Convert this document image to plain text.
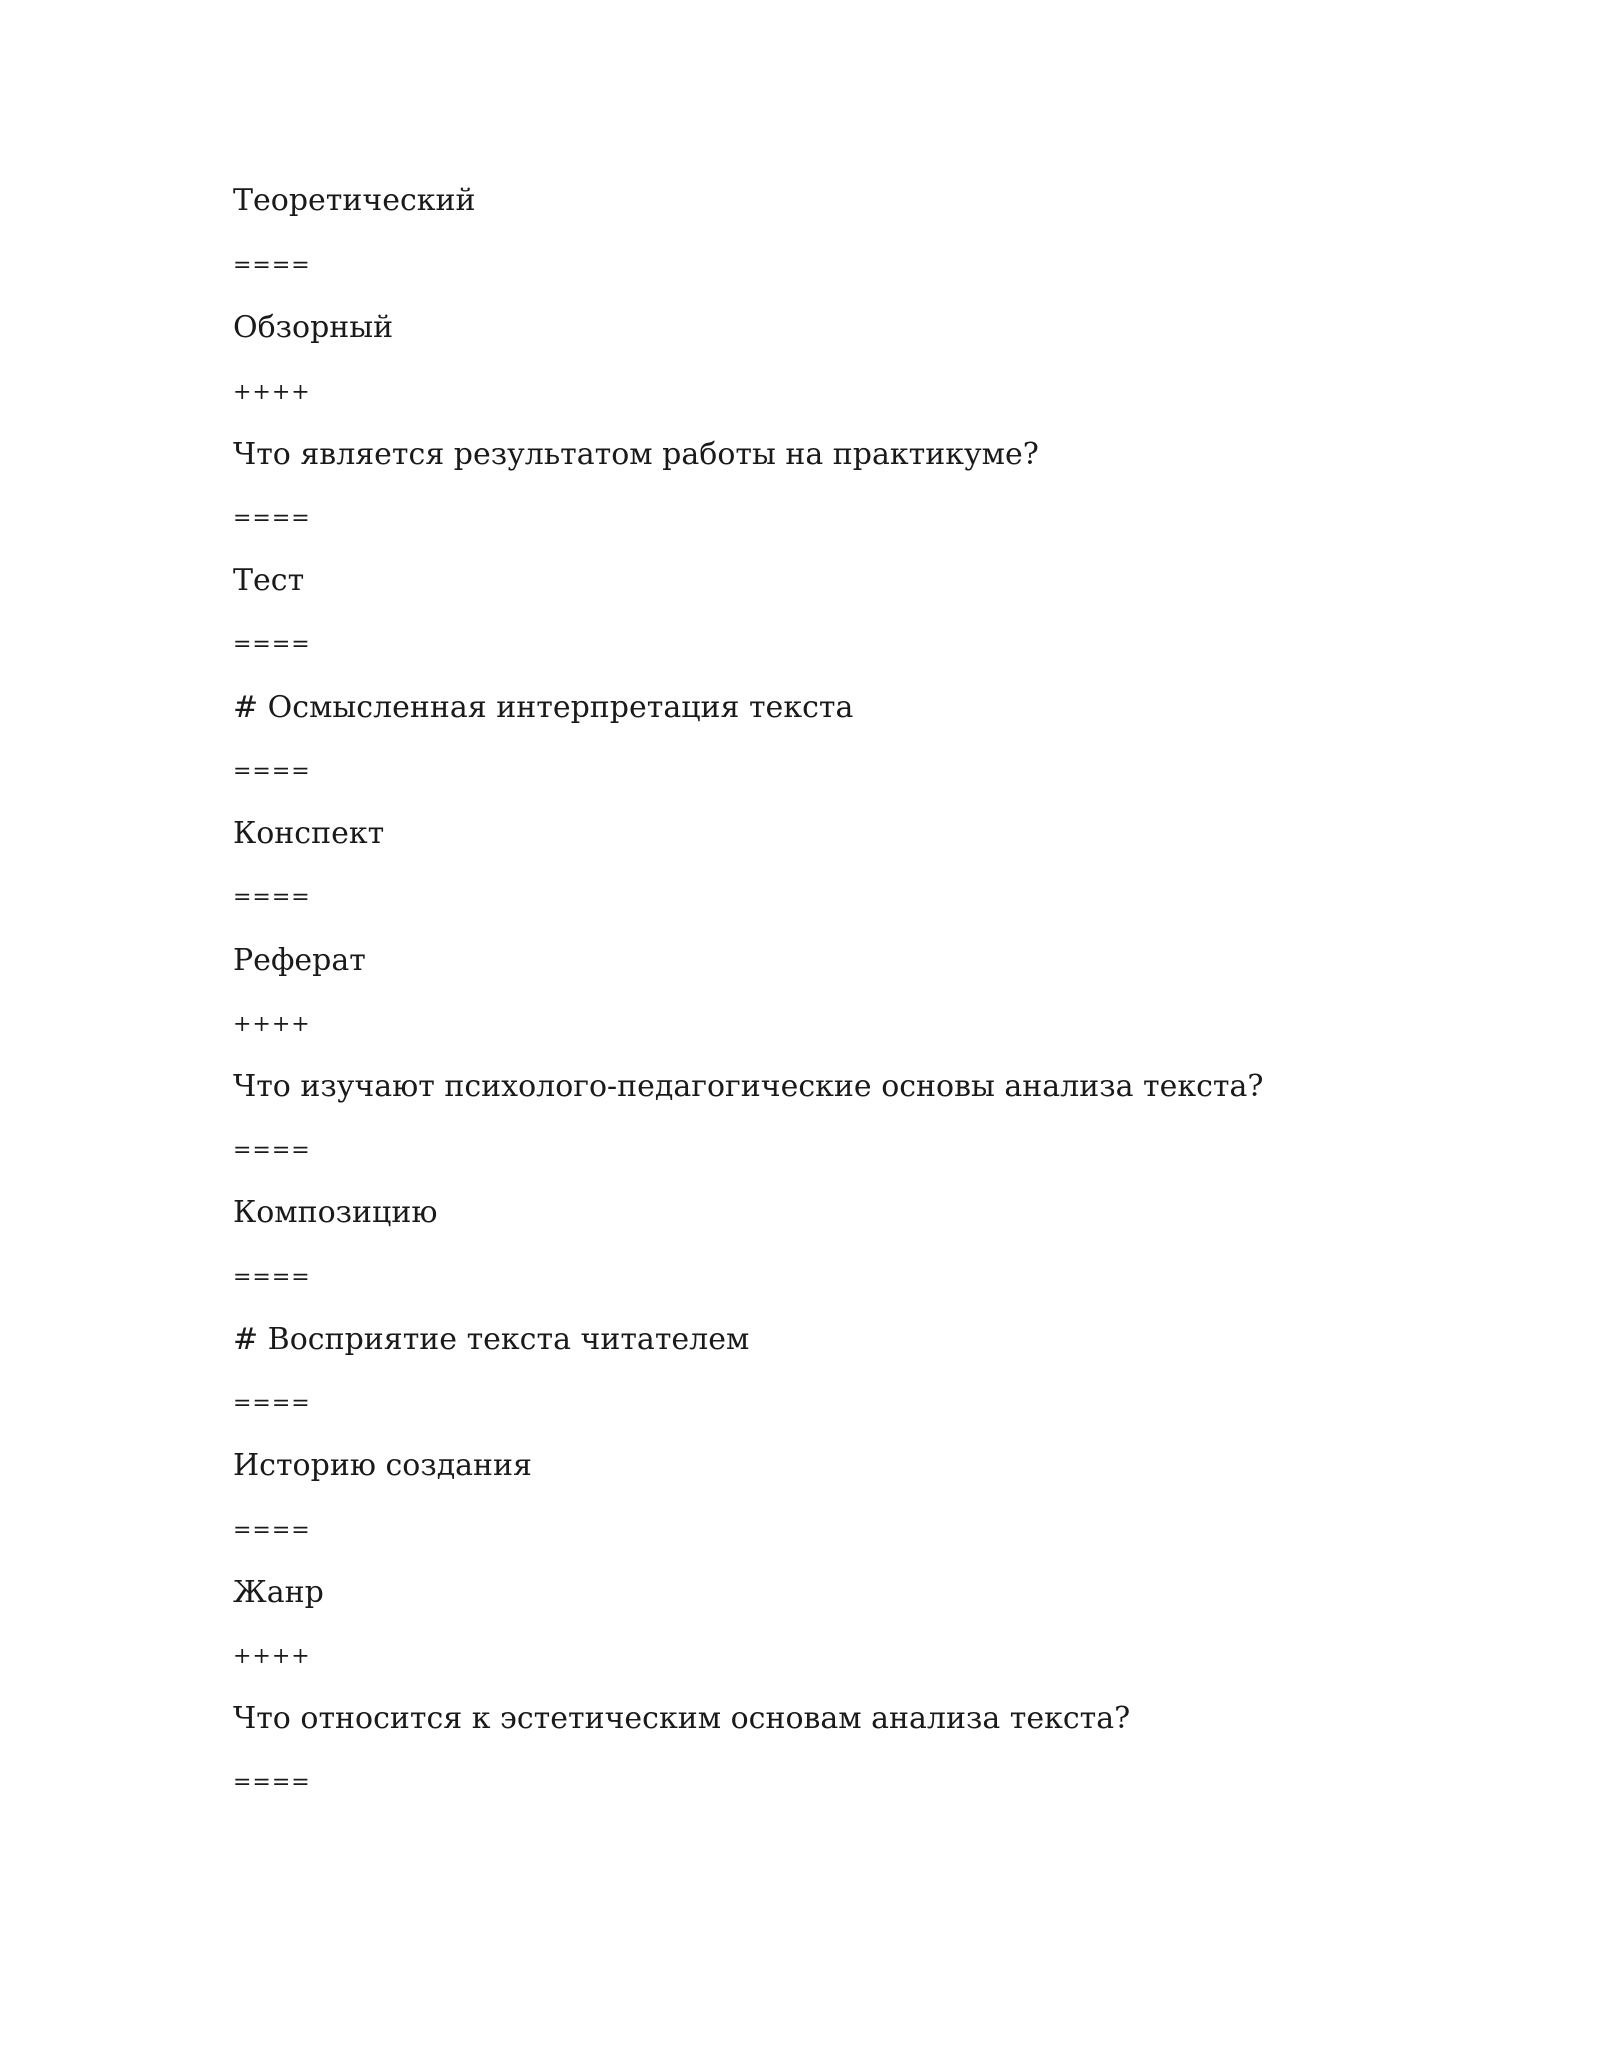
Теоретический

====

Обзорный

++++

Что является результатом работы на практикуме?

====

Тест

====

# Осмысленная интерпретация текста

====

Конспект

====

Реферат

++++

Что изучают психолого-педагогические основы анализа текста?

====

Композицию

====

# Восприятие текста читателем

====

Историю создания

====

Жанр

++++

Что относится к эстетическим основам анализа текста?

====
